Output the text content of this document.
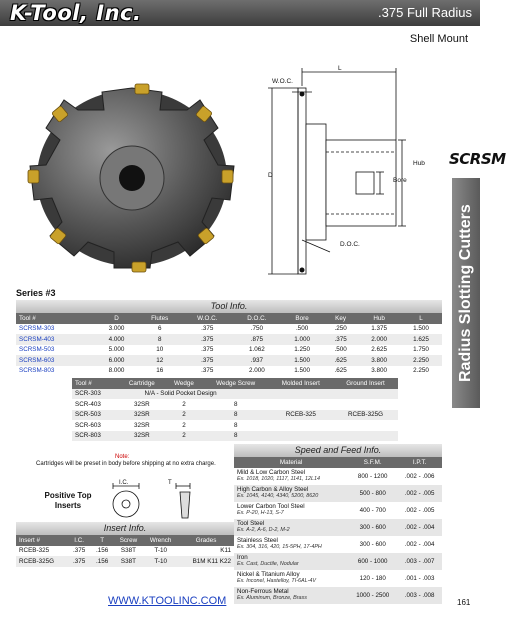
K-Tool, Inc.	.375 Full Radius
Shell Mount
SCRSM
Radius Slotting Cutters
L
W.O.C.
D
Hub
Bore
D.O.C.
Series #3
Tool Info.
Tool #	D	Flutes	W.O.C.	D.O.C.	Bore	Key	Hub	L
SCRSM-303	3.000	6	.375	.750	.500	.250	1.375	1.500
SCRSM-403	4.000	8	.375	.875	1.000	.375	2.000	1.625
SCRSM-503	5.000	10	.375	1.062	1.250	.500	2.625	1.750
SCRSM-603	6.000	12	.375	.937	1.500	.625	3.800	2.250
SCRSM-803	8.000	16	.375	2.000	1.500	.625	3.800	2.250
Tool #	Cartridge	Wedge	Wedge Screw	Molded Insert	Ground Insert
SCR-303	N/A - Solid Pocket Design				
SCR-403	32SR	2	8		
SCR-503	32SR	2	8	RCEB-325	RCEB-325G
SCR-603	32SR	2	8		
SCR-803	32SR	2	8		
Note:
Cartridges will be preset in body before shipping at no extra charge.
Positive Top Inserts
I.C.	T
Insert Info.
Insert #	I.C.	T	Screw	Wrench	Grades
RCEB-325	.375	.156	S38T	T-10	K11
RCEB-325G	.375	.156	S38T	T-10	B1M K11 K22
Speed and Feed Info.
Material	S.F.M.	I.P.T.

Mild & Low Carbon Steel
Ex. 1018, 1020, 1117, 1141, 12L14	800 - 1200	.002 - .006

High Carbon & Alloy Steel
Ex. 1045, 4140, 4340, 5200, 8620	500 - 800	.002 - .005

Lower Carbon Tool Steel
Ex. P-20, H-13, S-7	400 - 700	.002 - .005

Tool Steel
Ex. A-2, A-6, D-2, M-2	300 - 600	.002 - .004

Stainless Steel
Ex. 304, 316, 420, 15-5PH, 17-4PH	300 - 600	.002 - .004

Iron
Ex. Cast, Ductile, Nodular	600 - 1000	.003 - .007

Nickel & Titanium Alloy
Ex. Inconel, Hastelloy, TI-6AL-4V	120 - 180	.001 - .003

Non-Ferrous Metal
Ex. Aluminum, Bronze, Brass	1000 - 2500	.003 - .008
WWW.KTOOLINC.COM	161
